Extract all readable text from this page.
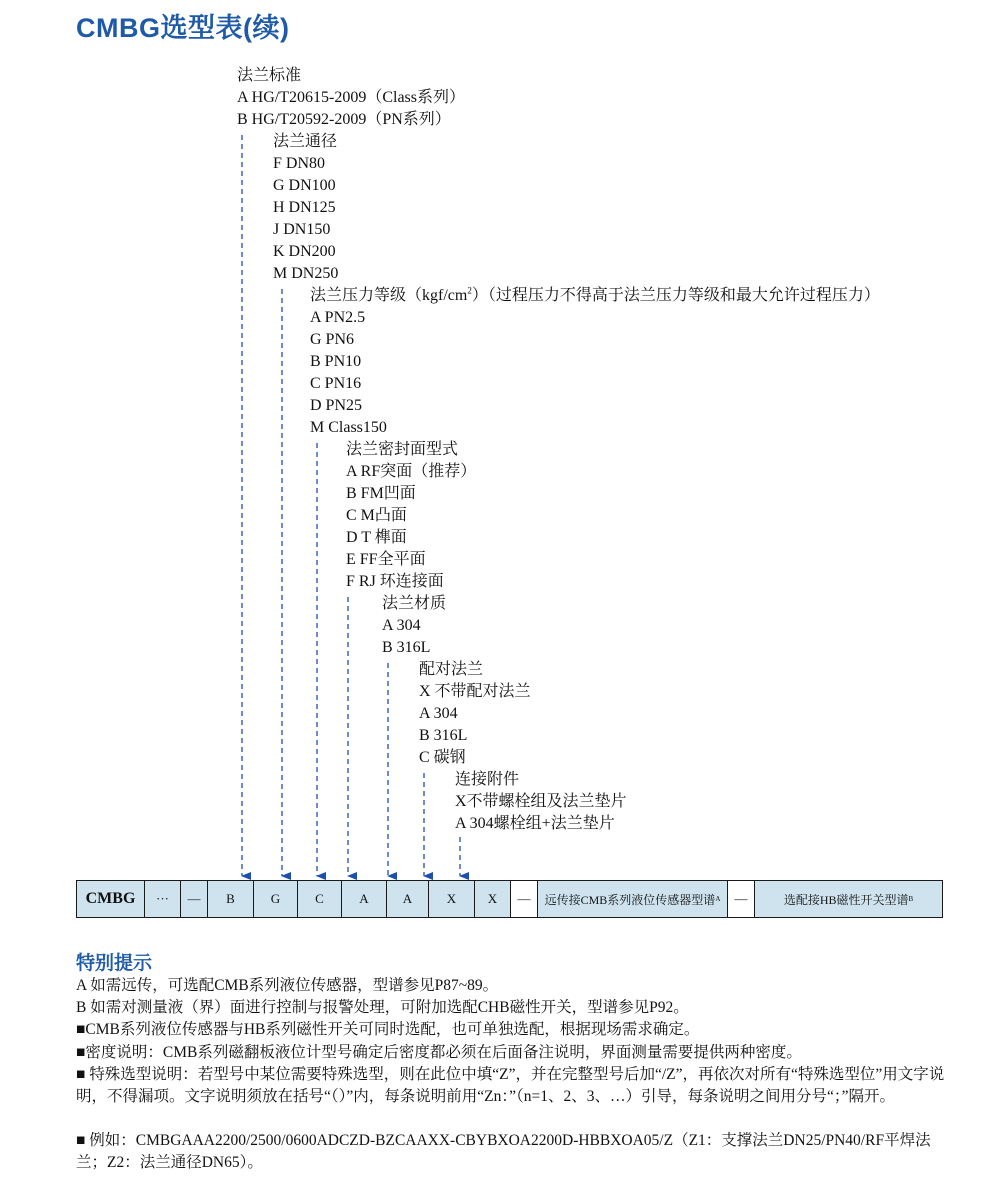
CMBG选型表(续)
法兰标准
A HG/T20615-2009（Class系列）
B HG/T20592-2009（PN系列）
法兰通径
F DN80
G DN100
H DN125
J DN150
K DN200
M DN250
法兰压力等级$(kgf/cm^2)$（过程压力不得高于法兰压力等级和最大允许过程压力）
A PN2.5
G PN6
B PN10
C PN16
D PN25
M Class150
法兰密封面型式
A RF突面（推荐）
B FM凹面
C M凸面
D T 榫面
E FF全平面
F RJ 环连接面
法兰材质
A 304
B 316L
配对法兰
X 不带配对法兰
A 304
B 316L
C 碳钢
连接附件
X不带螺栓组及法兰垫片
A 304螺栓组+法兰垫片
CMBG	···	—	B	G	C	A	A	X	X	—	远传接CMB系列液位传感器型谱 A	—	选配接HB磁性开关型谱 B
特别提示
A 如需远传，可选配CMB系列液位传感器，型谱参见P87~89。
B 如需对测量液（界）面进行控制与报警处理，可附加选配CHB磁性开关，型谱参见P92。
■CMB系列液位传感器与HB系列磁性开关可同时选配，也可单独选配，根据现场需求确定。
■密度说明：CMB系列磁翻板液位计型号确定后密度都必须在后面备注说明，界面测量需要提供两种密度。
■ 特殊选型说明：若型号中某位需要特殊选型，则在此位中填“Z”，并在完整型号后加“/Z”，再依次对所有“特殊选型位”用文字说明，不得漏项。文字说明须放在括号“（）”内，每条说明前用“Zn：”（n=1、2、3、…）引导，每条说明之间用分号“；”隔开。
■ 例如：CMBGAAA2200/2500/0600ADCZD-BZCAAXX-CBYBXOA2200D-HBBXOA05/Z（Z1：支撑法兰DN25/PN40/RF平焊法兰；Z2：法兰通径DN65）。
